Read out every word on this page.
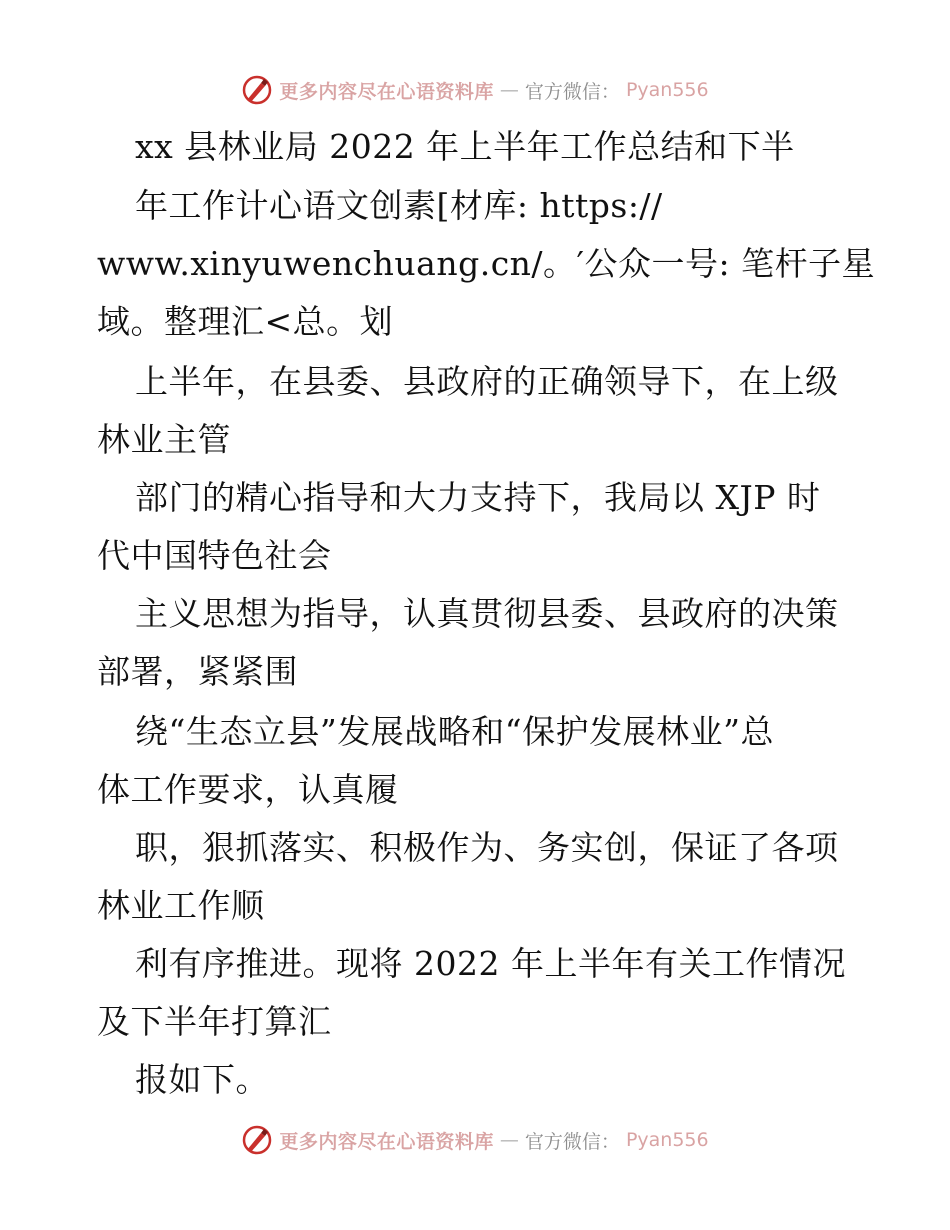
更多内容尽在心语资料库 — 官方微信： Pyan556
xx 县林业局 2022 年上半年工作总结和下半
年工作计心语文创素[材库: https://
www.xinyuwenchuang.cn/。′公众一号: 笔杆子星
域。整理汇<总。划
上半年，在县委、县政府的正确领导下，在上级
林业主管
部门的精心指导和大力支持下，我局以 XJP 时
代中国特色社会
主义思想为指导，认真贯彻县委、县政府的决策
部署，紧紧围
绕“生态立县”发展战略和“保护发展林业”总
体工作要求，认真履
职，狠抓落实、积极作为、务实创，保证了各项
林业工作顺
利有序推进。现将 2022 年上半年有关工作情况
及下半年打算汇
报如下。
更多内容尽在心语资料库 — 官方微信： Pyan556
